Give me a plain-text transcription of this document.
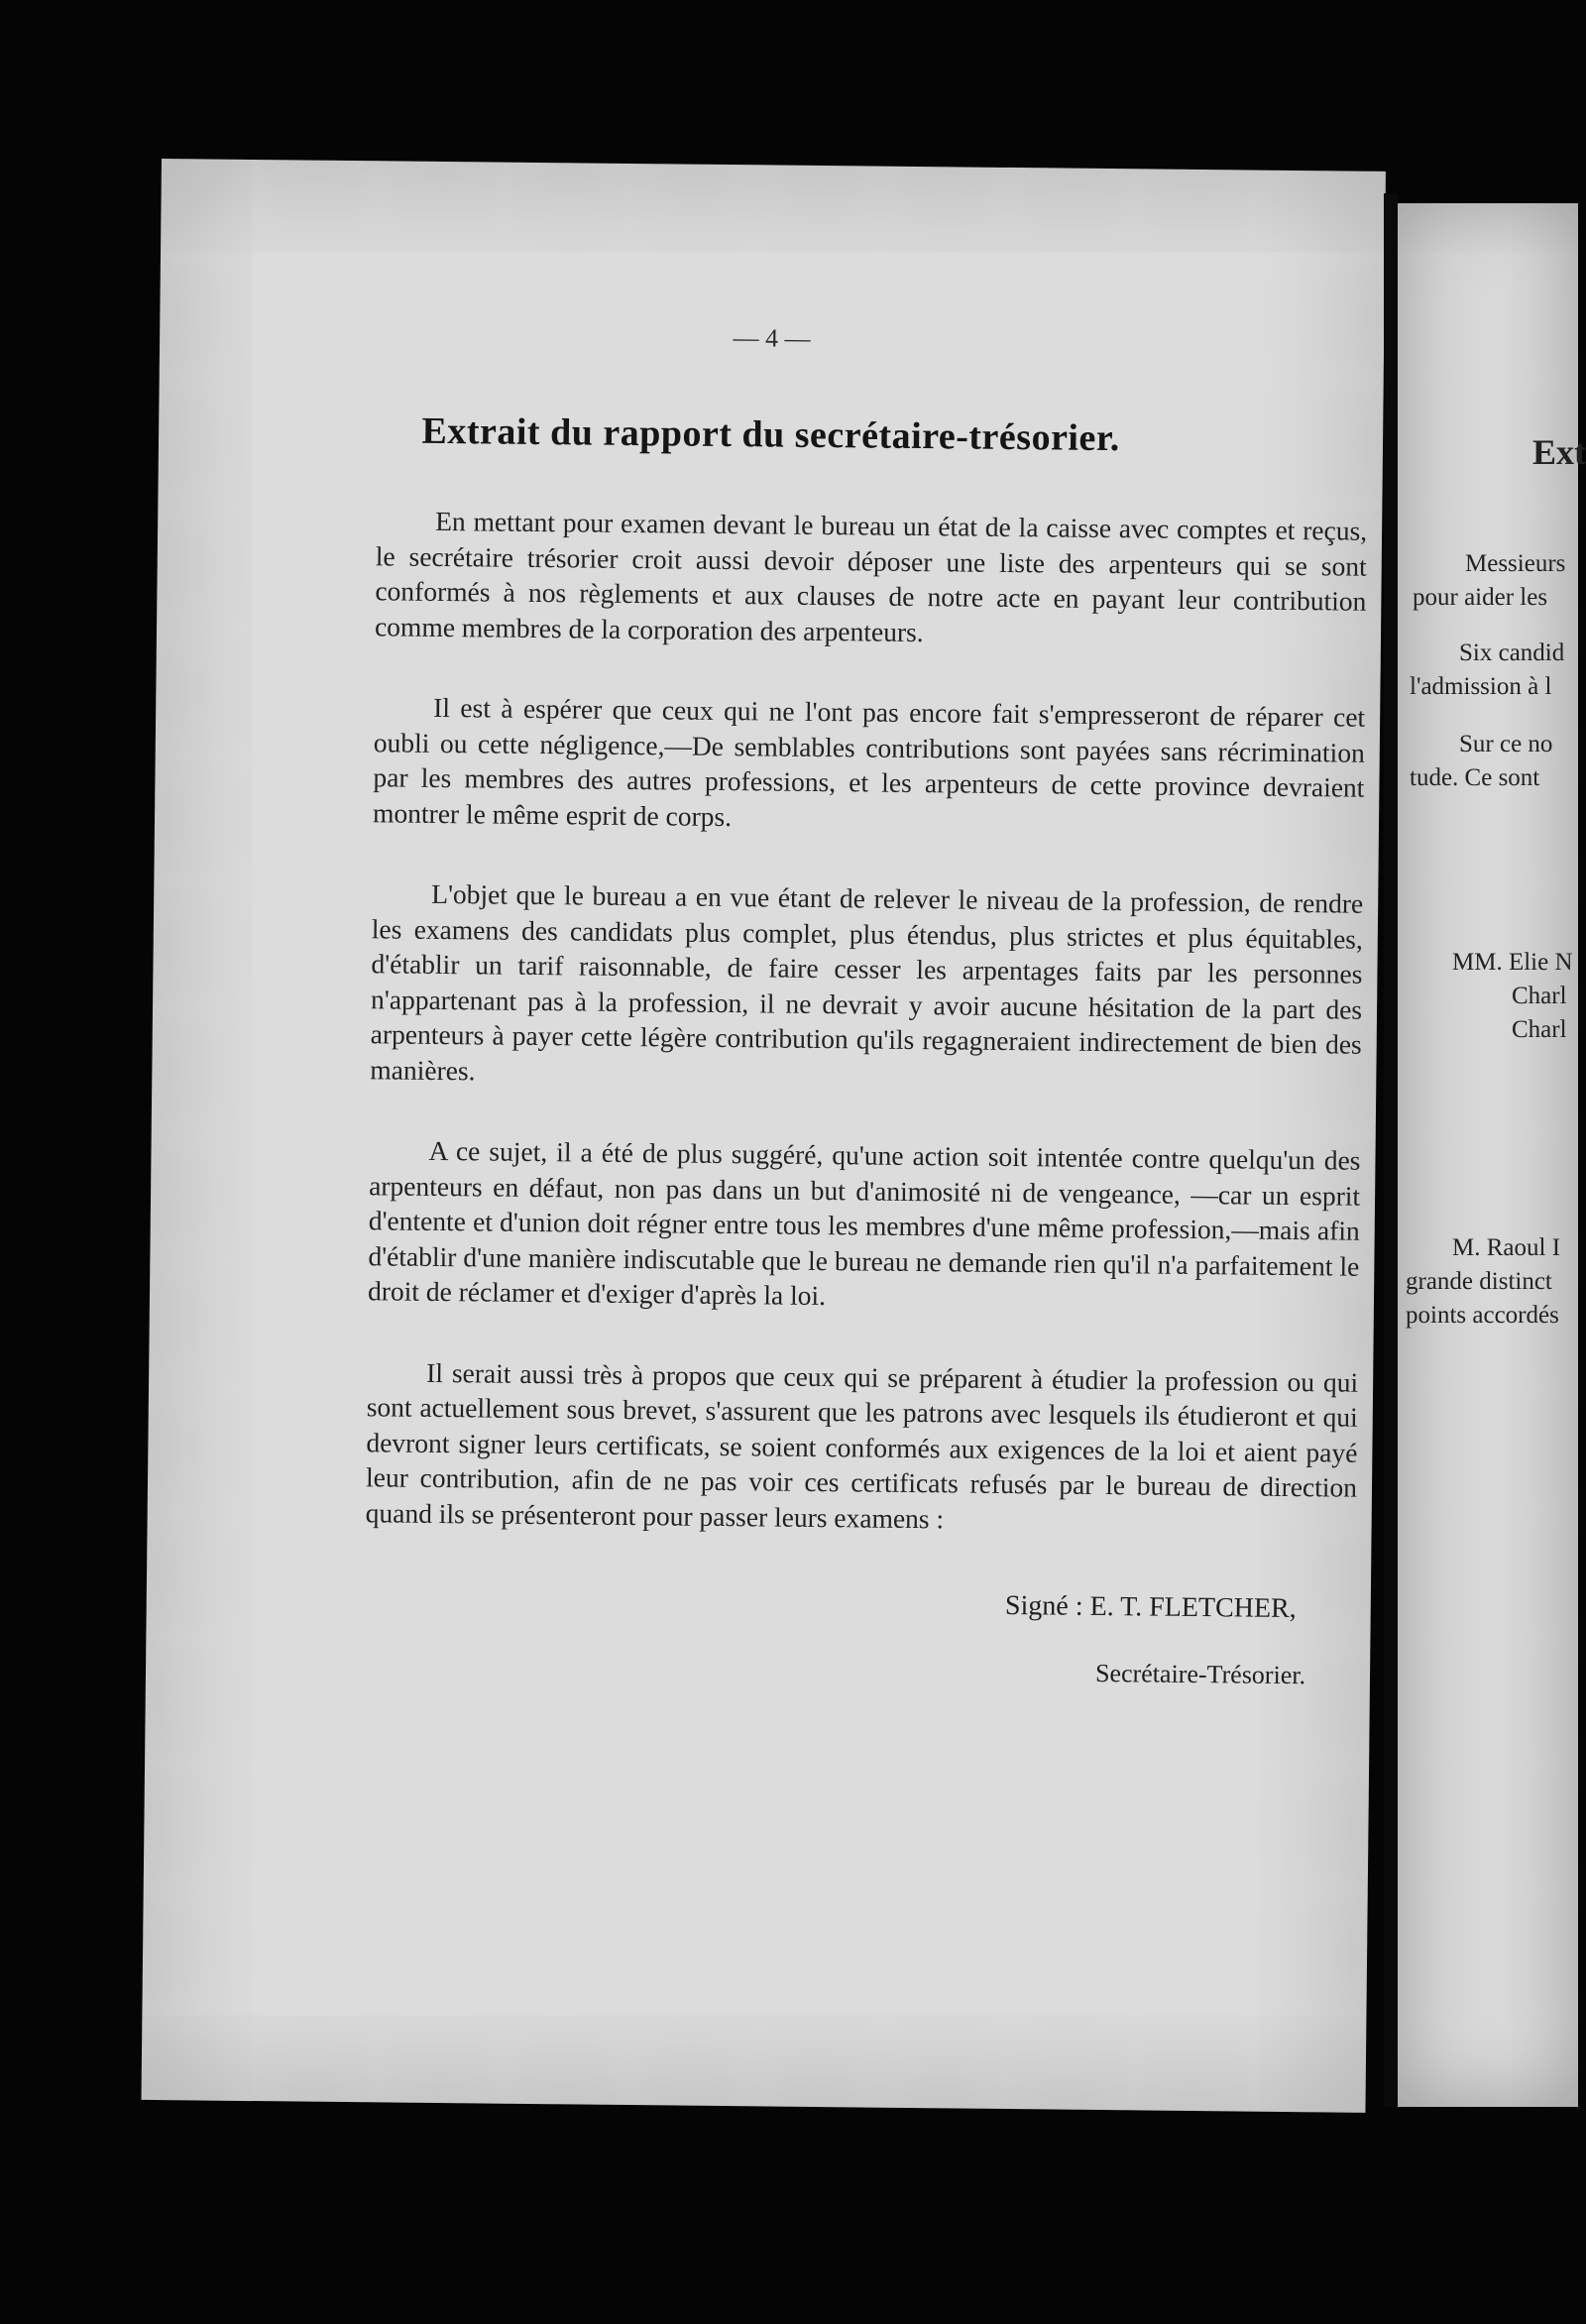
— 4 —
Extrait du rapport du secrétaire-trésorier.

En mettant pour examen devant le bureau un état de la caisse avec comptes et reçus, le secrétaire trésorier croit aussi devoir déposer une liste des arpenteurs qui se sont conformés à nos règlements et aux clauses de notre acte en payant leur contribution comme membres de la corporation des arpenteurs.

Il est à espérer que ceux qui ne l'ont pas encore fait s'empresseront de réparer cet oubli ou cette négligence,—De semblables contributions sont payées sans récrimination par les membres des autres professions, et les arpenteurs de cette province devraient montrer le même esprit de corps.

L'objet que le bureau a en vue étant de relever le niveau de la profession, de rendre les examens des candidats plus complet, plus étendus, plus strictes et plus équitables, d'établir un tarif raisonnable, de faire cesser les arpentages faits par les personnes n'appartenant pas à la profession, il ne devrait y avoir aucune hésitation de la part des arpenteurs à payer cette légère contribution qu'ils regagneraient indirectement de bien des manières.

A ce sujet, il a été de plus suggéré, qu'une action soit intentée contre quelqu'un des arpenteurs en défaut, non pas dans un but d'animosité ni de vengeance, —car un esprit d'entente et d'union doit régner entre tous les membres d'une même profession,—mais afin d'établir d'une manière indiscutable que le bureau ne demande rien qu'il n'a parfaitement le droit de réclamer et d'exiger d'après la loi.

Il serait aussi très à propos que ceux qui se préparent à étudier la profession ou qui sont actuellement sous brevet, s'assurent que les patrons avec lesquels ils étudieront et qui devront signer leurs certificats, se soient conformés aux exigences de la loi et aient payé leur contribution, afin de ne pas voir ces certificats refusés par le bureau de direction quand ils se présenteront pour passer leurs examens :

Signé : E. T. FLETCHER,
Secrétaire-Trésorier.
Ext
Messieurs
pour aider les
Six candid
l'admission à l
Sur ce no
tude. Ce sont
MM. Elie N
Charl
Charl
M. Raoul I
grande distinct
points accordés
